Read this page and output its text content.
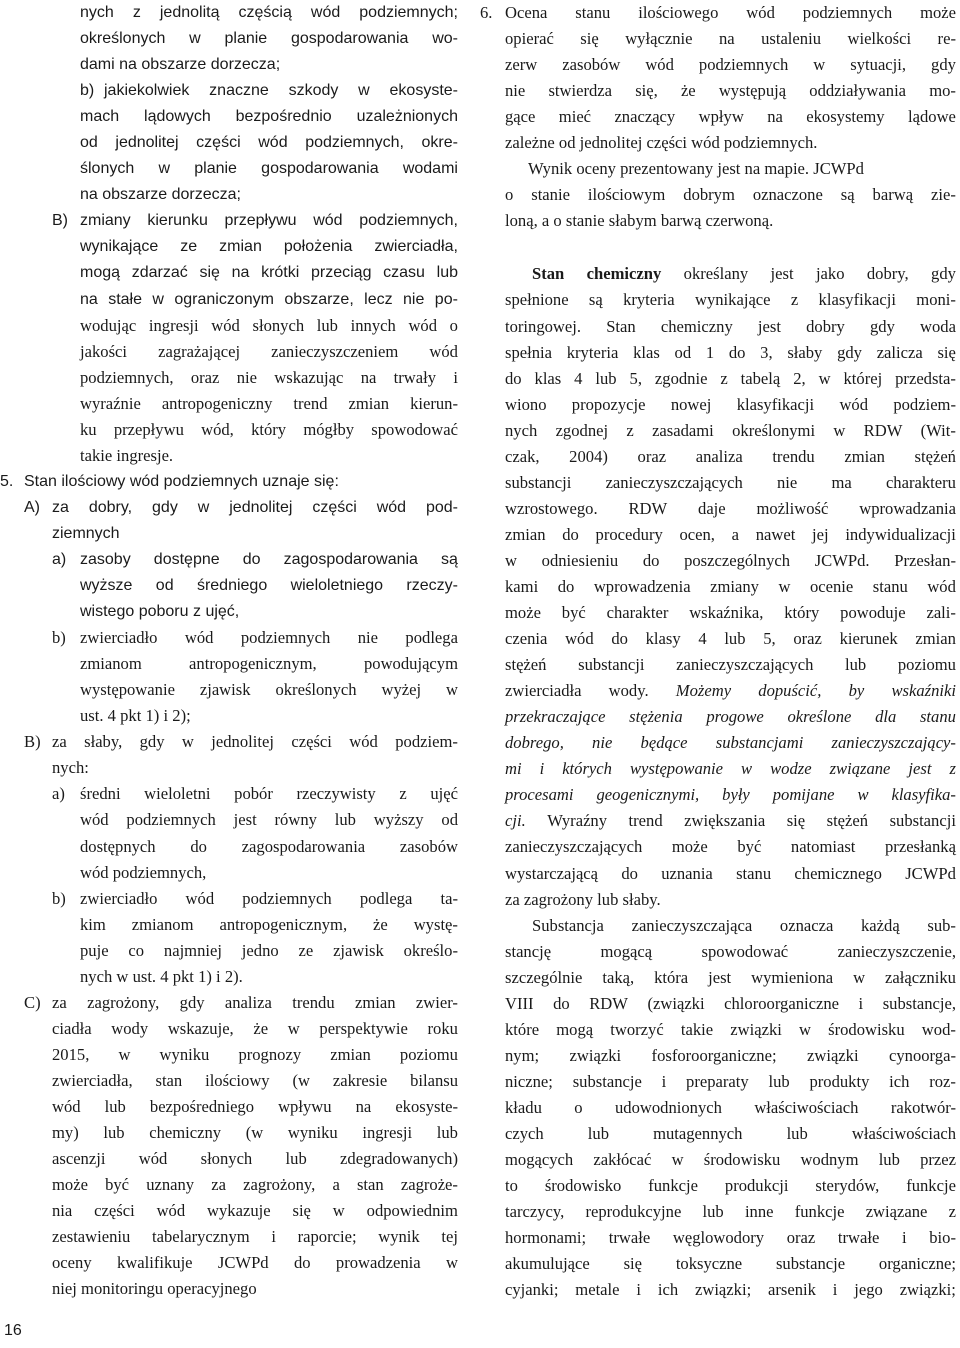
nych z jednolitą częścią wód podziemnych;
określonych w planie gospodarowania wo-
dami na obszarze dorzecza;
b) jakiekolwiek znaczne szkody w ekosyste-
mach lądowych bezpośrednio uzależnionych
od jednolitej części wód podziemnych, okre-
ślonych w planie gospodarowania wodami
na obszarze dorzecza;
B) zmiany kierunku przepływu wód podziemnych,
wynikające ze zmian położenia zwierciadła,
mogą zdarzać się na krótki przeciąg czasu lub
na stałe w ograniczonym obszarze, lecz nie po-
wodując ingresji wód słonych lub innych wód o
jakości zagrażającej zanieczyszczeniem wód
podziemnych, oraz nie wskazując na trwały i
wyraźnie antropogeniczny trend zmian kierun-
ku przepływu wód, który mógłby spowodować
takie ingresje.
5. Stan ilościowy wód podziemnych uznaje się:
A) za dobry, gdy w jednolitej części wód pod-
ziemnych
a) zasoby dostępne do zagospodarowania są
wyższe od średniego wieloletniego rzeczy-
wistego poboru z ujęć,
b) zwierciadło wód podziemnych nie podlega
zmianom	antropogenicznym,	powodującym
występowanie zjawisk określonych wyżej w
ust. 4 pkt 1) i 2);
B) za słaby, gdy w jednolitej części wód podziem-
nych:
a) średni wieloletni pobór rzeczywisty z ujęć
wód podziemnych jest równy lub wyższy od
dostępnych do zagospodarowania zasobów
wód podziemnych,
b) zwierciadło wód podziemnych podlega ta-
kim zmianom antropogenicznym, że wystę-
puje co najmniej jedno ze zjawisk określo-
nych w ust. 4 pkt 1) i 2).
C) za zagrożony, gdy analiza trendu zmian zwier-
ciadła wody wskazuje, że w perspektywie roku
2015, w wyniku prognozy zmian poziomu
zwierciadła, stan ilościowy (w zakresie bilansu
wód lub bezpośredniego wpływu na ekosyste-
my) lub chemiczny (w wyniku ingresji lub
ascenzji wód słonych lub zdegradowanych)
może być uznany za zagrożony, a stan zagroże-
nia części wód wykazuje się w odpowiednim
zestawieniu tabelarycznym i raporcie; wynik tej
oceny kwalifikuje JCWPd do prowadzenia w
niej monitoringu operacyjnego
6. Ocena stanu ilościowego wód podziemnych może
opierać się wyłącznie na ustaleniu wielkości re-
zerw zasobów wód podziemnych w sytuacji, gdy
nie stwierdza się, że występują oddziaływania mo-
gące mieć znaczący wpływ na ekosystemy lądowe
zależne od jednolitej części wód podziemnych.
Wynik oceny prezentowany jest na mapie. JCWPd
o stanie ilościowym dobrym oznaczone są barwą zie-
loną, a o stanie słabym barwą czerwoną.
Stan chemiczny określany jest jako dobry, gdy
spełnione są kryteria wynikające z klasyfikacji moni-
toringowej. Stan chemiczny jest dobry gdy woda
spełnia kryteria klas od 1 do 3, słaby gdy zalicza się
do klas 4 lub 5, zgodnie z tabelą 2, w której przedsta-
wiono propozycje nowej klasyfikacji wód podziem-
nych zgodnej z zasadami określonymi w RDW (Wit-
czak, 2004) oraz analiza trendu zmian stężeń
substancji zanieczyszczających nie ma charakteru
wzrostowego. RDW daje możliwość wprowadzania
zmian do procedury ocen, a nawet jej indywidualizacji
w odniesieniu do poszczególnych JCWPd. Przesłan-
kami do wprowadzenia zmiany w ocenie stanu wód
może być charakter wskaźnika, który powoduje zali-
czenia wód do klasy 4 lub 5, oraz kierunek zmian
stężeń substancji zanieczyszczających lub poziomu
zwierciadła wody. Możemy dopuścić, by wskaźniki
przekraczające stężenia progowe określone dla stanu
dobrego, nie będące substancjami zanieczyszczający-
mi i których występowanie w wodze związane jest z
procesami geogenicznymi, były pomijane w klasyfika-
cji. Wyraźny trend zwiększania się stężeń substancji
zanieczyszczających może być natomiast przesłanką
wystarczającą do uznania stanu chemicznego JCWPd
za zagrożony lub słaby.
Substancja zanieczyszczająca oznacza każdą sub-
stancję	mogącą	spowodować	zanieczyszczenie,
szczególnie taką, która jest wymieniona w załączniku
VIII do RDW (związki chloroorganiczne i substancje,
które mogą tworzyć takie związki w środowisku wod-
nym; związki fosforoorganiczne; związki cynoorga-
niczne; substancje i preparaty lub produkty ich roz-
kładu o udowodnionych właściwościach rakotwór-
czych	lub	mutagennych	lub	właściwościach
mogących zakłócać w środowisku wodnym lub przez
to środowisko funkcje produkcji sterydów, funkcje
tarczycy, reprodukcyjne lub inne funkcje związane z
hormonami; trwałe węglowodory oraz trwałe i bio-
akumulujące się toksyczne substancje organiczne;
cyjanki; metale i ich związki; arsenik i jego związki;
16
